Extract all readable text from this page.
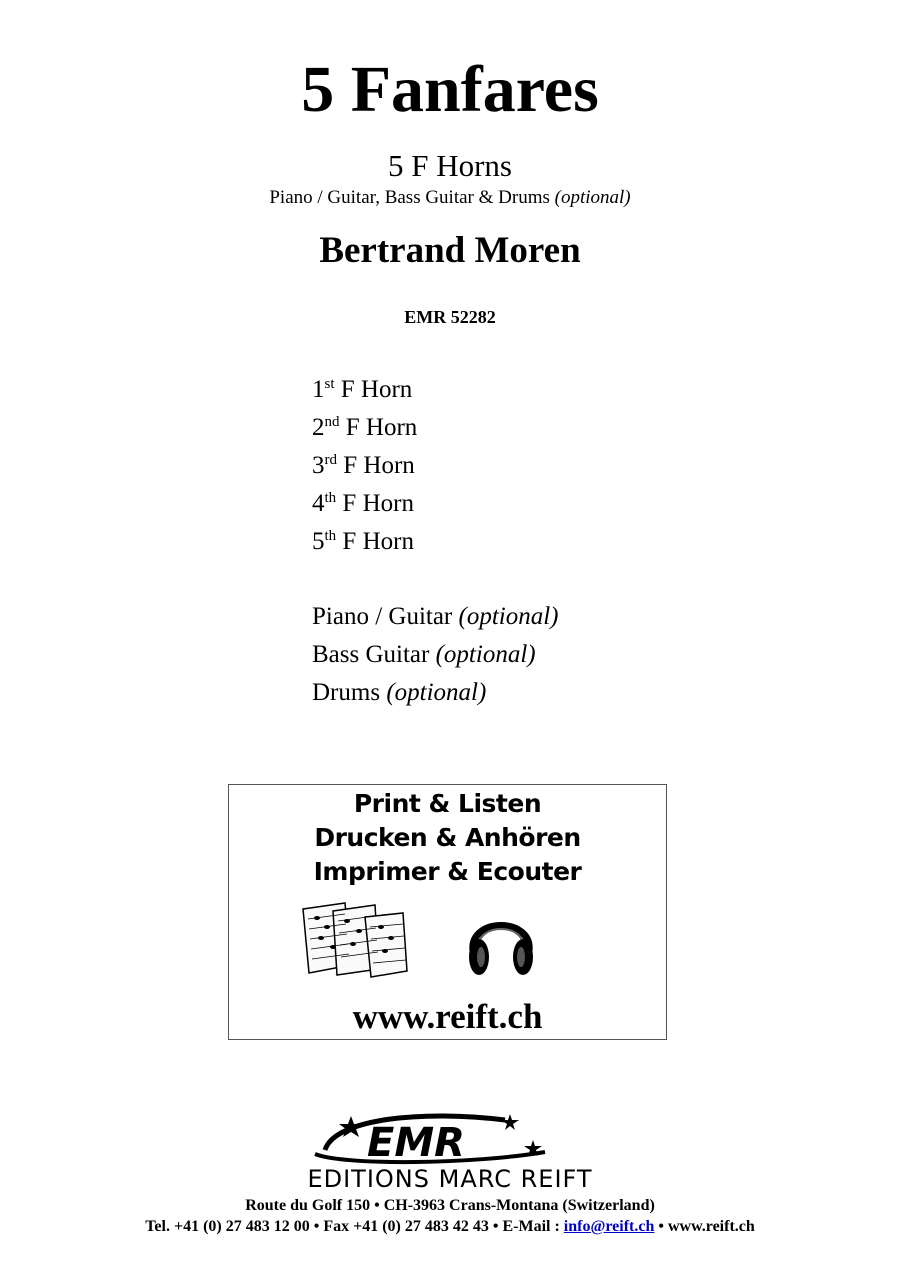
5 Fanfares
5 F Horns
Piano / Guitar, Bass Guitar & Drums (optional)
Bertrand Moren
EMR 52282
1st F Horn
2nd F Horn
3rd F Horn
4th F Horn
5th F Horn
Piano / Guitar (optional)
Bass Guitar (optional)
Drums (optional)
Print & Listen
Drucken & Anhören
Imprimer & Ecouter
www.reift.ch
EMR
EDITIONS MARC REIFT
Route du Golf 150 • CH-3963 Crans-Montana (Switzerland)
Tel. +41 (0) 27 483 12 00 • Fax +41 (0) 27 483 42 43 • E-Mail : info@reift.ch • www.reift.ch
